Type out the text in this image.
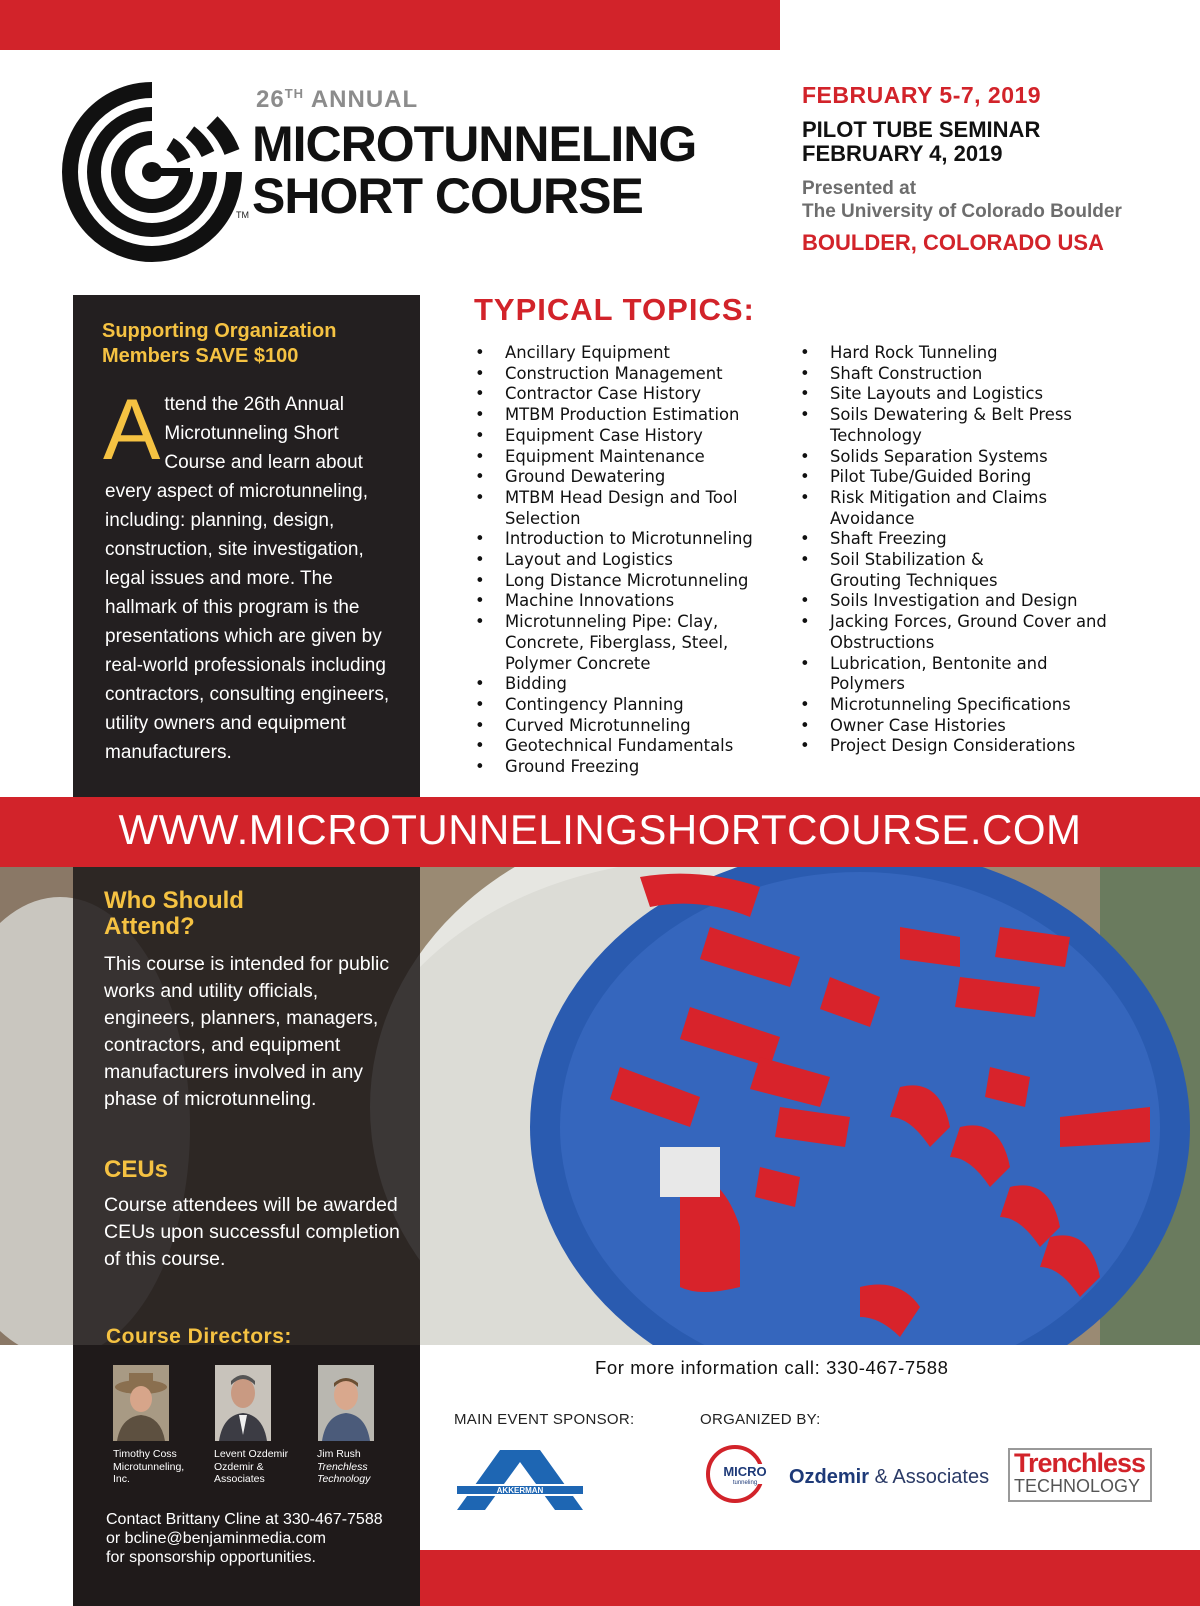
TM
26TH ANNUAL
MICROTUNNELING
SHORT COURSE
FEBRUARY 5-7, 2019
PILOT TUBE SEMINAR
FEBRUARY 4, 2019
Presented at
The University of Colorado Boulder
BOULDER, COLORADO USA
Supporting Organization
Members SAVE $100
Attend the 26th Annual Microtunneling Short Course and learn about every aspect of microtunneling, including: planning, design, construction, site investigation, legal issues and more. The hallmark of this program is the presentations which are given by real-world professionals including contractors, consulting engineers, utility owners and equipment manufacturers.
TYPICAL TOPICS:
• Ancillary Equipment
• Construction Management
• Contractor Case History
• MTBM Production Estimation
• Equipment Case History
• Equipment Maintenance
• Ground Dewatering
• MTBM Head Design and Tool Selection
• Introduction to Microtunneling
• Layout and Logistics
• Long Distance Microtunneling
• Machine Innovations
• Microtunneling Pipe: Clay, Concrete, Fiberglass, Steel, Polymer Concrete
• Bidding
• Contingency Planning
• Curved Microtunneling
• Geotechnical Fundamentals
• Ground Freezing
• Hard Rock Tunneling
• Shaft Construction
• Site Layouts and Logistics
• Soils Dewatering & Belt Press Technology
• Solids Separation Systems
• Pilot Tube/Guided Boring
• Risk Mitigation and Claims Avoidance
• Shaft Freezing
• Soil Stabilization & Grouting Techniques
• Soils Investigation and Design
• Jacking Forces, Ground Cover and Obstructions
• Lubrication, Bentonite and Polymers
• Microtunneling Specifications
• Owner Case Histories
• Project Design Considerations
WWW.MICROTUNNELINGSHORTCOURSE.COM
Who Should
Attend?
This course is intended for public works and utility officials, engineers, planners, managers, contractors, and equipment manufacturers involved in any phase of microtunneling.
CEUs
Course attendees will be awarded CEUs upon successful completion of this course.
Course Directors:
Timothy Coss
Microtunneling,
Inc.
Levent Ozdemir
Ozdemir &
Associates
Jim Rush
Trenchless
Technology
Contact Brittany Cline at 330-467-7588
or bcline@benjaminmedia.com
for sponsorship opportunities.
For more information call: 330-467-7588
MAIN EVENT SPONSOR:	ORGANIZED BY:
AKKERMAN
MICRO
tunneling Ozdemir & Associates Trenchless
TECHNOLOGY
